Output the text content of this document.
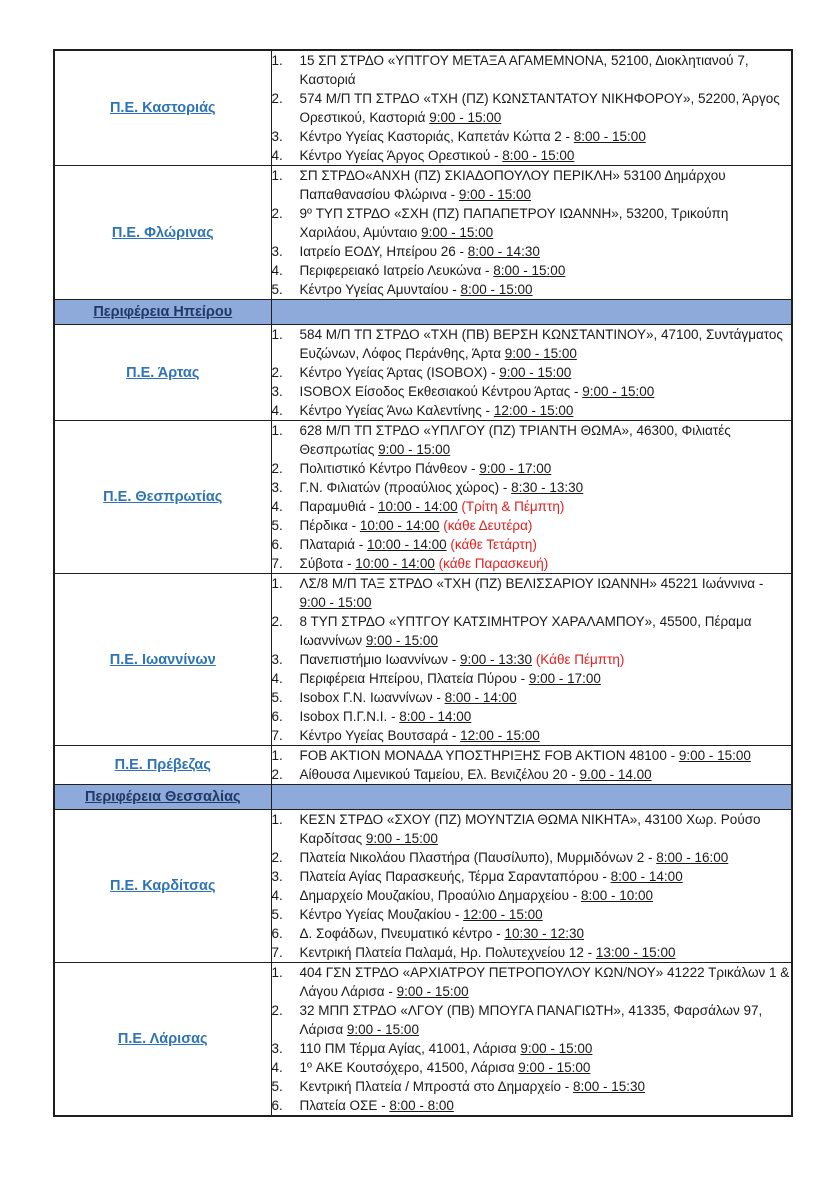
Π.Ε. Καστοριάς	
15 ΣΠ ΣΤΡΔΟ «ΥΠΤΓΟΥ ΜΕΤΑΞΑ ΑΓΑΜΕΜΝΟΝΑ, 52100, Διοκλητιανού 7, Καστοριά
574 Μ/Π ΤΠ ΣΤΡΔΟ «ΤΧΗ (ΠΖ) ΚΩΝΣΤΑΝΤΑΤΟΥ ΝΙΚΗΦΟΡΟΥ», 52200, Άργος Ορεστικού, Καστοριά 9:00 - 15:00
Κέντρο Υγείας Καστοριάς, Καπετάν Κώττα 2 - 8:00 - 15:00
Κέντρο Υγείας Άργος Ορεστικού - 8:00 - 15:00

Π.Ε. Φλώρινας	
ΣΠ ΣΤΡΔΟ«ΑΝΧΗ (ΠΖ) ΣΚΙΑΔΟΠΟΥΛΟΥ ΠΕΡΙΚΛΗ» 53100 Δημάρχου Παπαθανασίου Φλώρινα - 9:00 - 15:00
9º ΤΥΠ ΣΤΡΔΟ «ΣΧΗ (ΠΖ) ΠΑΠΑΠΕΤΡΟΥ ΙΩΑΝΝΗ», 53200, Τρικούπη Χαριλάου, Αμύνταιο 9:00 - 15:00
Ιατρείο ΕΟΔΥ, Ηπείρου 26 - 8:00 - 14:30
Περιφερειακό Ιατρείο Λευκώνα - 8:00 - 15:00
Κέντρο Υγείας Αμυνταίου - 8:00 - 15:00

Περιφέρεια Ηπείρου	
Π.Ε. Άρτας	
584 Μ/Π ΤΠ ΣΤΡΔΟ «ΤΧΗ (ΠΒ) ΒΕΡΣΗ ΚΩΝΣΤΑΝΤΙΝΟΥ», 47100, Συντάγματος Ευζώνων, Λόφος Περάνθης, Άρτα 9:00 - 15:00
Κέντρο Υγείας Άρτας (ISOBOX) - 9:00 - 15:00
ISOBOX Είσοδος Εκθεσιακού Κέντρου Άρτας - 9:00 - 15:00
Κέντρο Υγείας Άνω Καλεντίνης - 12:00 - 15:00

Π.Ε. Θεσπρωτίας	
628 Μ/Π ΤΠ ΣΤΡΔΟ «ΥΠΛΓΟΥ (ΠΖ) ΤΡΙΑΝΤΗ ΘΩΜΑ», 46300, Φιλιατές Θεσπρωτίας 9:00 - 15:00
Πολιτιστικό Κέντρο Πάνθεον - 9:00 - 17:00
Γ.Ν. Φιλιατών (προαύλιος χώρος) - 8:30 - 13:30
Παραμυθιά - 10:00 - 14:00 (Τρίτη & Πέμπτη)
Πέρδικα - 10:00 - 14:00 (κάθε Δευτέρα)
Πλαταριά - 10:00 - 14:00 (κάθε Τετάρτη)
Σύβοτα - 10:00 - 14:00 (κάθε Παρασκευή)

Π.Ε. Ιωαννίνων	
ΛΣ/8 Μ/Π ΤΑΞ ΣΤΡΔΟ «ΤΧΗ (ΠΖ) ΒΕΛΙΣΣΑΡΙΟΥ ΙΩΑΝΝΗ» 45221 Ιωάννινα - 9:00 - 15:00
8 ΤΥΠ ΣΤΡΔΟ «ΥΠΤΓΟΥ ΚΑΤΣΙΜΗΤΡΟΥ ΧΑΡΑΛΑΜΠΟΥ», 45500, Πέραμα Ιωαννίνων 9:00 - 15:00
Πανεπιστήμιο Ιωαννίνων - 9:00 - 13:30 (Κάθε Πέμπτη)
Περιφέρεια Ηπείρου, Πλατεία Πύρου - 9:00 - 17:00
Isobox Γ.Ν. Ιωαννίνων - 8:00 - 14:00
Isobox Π.Γ.Ν.Ι. - 8:00 - 14:00
Κέντρο Υγείας Βουτσαρά - 12:00 - 15:00

Π.Ε. Πρέβεζας	
FOB AKTION ΜΟΝΑΔΑ ΥΠΟΣΤΗΡΙΞΗΣ FOB AKTION 48100 - 9:00 - 15:00
Αίθουσα Λιμενικού Ταμείου, Ελ. Βενιζέλου 20 - 9.00 - 14.00

Περιφέρεια Θεσσαλίας	
Π.Ε. Καρδίτσας	
ΚΕΣΝ ΣΤΡΔΟ «ΣΧΟΥ (ΠΖ) ΜΟΥΝΤΖΙΑ ΘΩΜΑ ΝΙΚΗΤΑ», 43100 Χωρ. Ρούσο Καρδίτσας 9:00 - 15:00
Πλατεία Νικολάου Πλαστήρα (Παυσίλυπο), Μυρμιδόνων 2 - 8:00 - 16:00
Πλατεία Αγίας Παρασκευής, Τέρμα Σαρανταπόρου - 8:00 - 14:00
Δημαρχείο Μουζακίου, Προαύλιο Δημαρχείου - 8:00 - 10:00
Κέντρο Υγείας Μουζακίου - 12:00 - 15:00
Δ. Σοφάδων, Πνευματικό κέντρο - 10:30 - 12:30
Κεντρική Πλατεία Παλαμά, Ηρ. Πολυτεχνείου 12 - 13:00 - 15:00

Π.Ε. Λάρισας	
404 ΓΣΝ ΣΤΡΔΟ «ΑΡΧΙΑΤΡΟΥ ΠΕΤΡΟΠΟΥΛΟΥ ΚΩΝ/ΝΟΥ» 41222 Τρικάλων 1 & Λάγου Λάρισα - 9:00 - 15:00
32 ΜΠΠ ΣΤΡΔΟ «ΛΓΟΥ (ΠΒ) ΜΠΟΥΓΑ ΠΑΝΑΓΙΩΤΗ», 41335, Φαρσάλων 97, Λάρισα 9:00 - 15:00
110 ΠΜ Τέρμα Αγίας, 41001, Λάρισα 9:00 - 15:00
1º ΑΚΕ Κουτσόχερο, 41500, Λάρισα 9:00 - 15:00
Κεντρική Πλατεία / Μπροστά στο Δημαρχείο - 8:00 - 15:30
Πλατεία ΟΣΕ - 8:00 - 8:00
